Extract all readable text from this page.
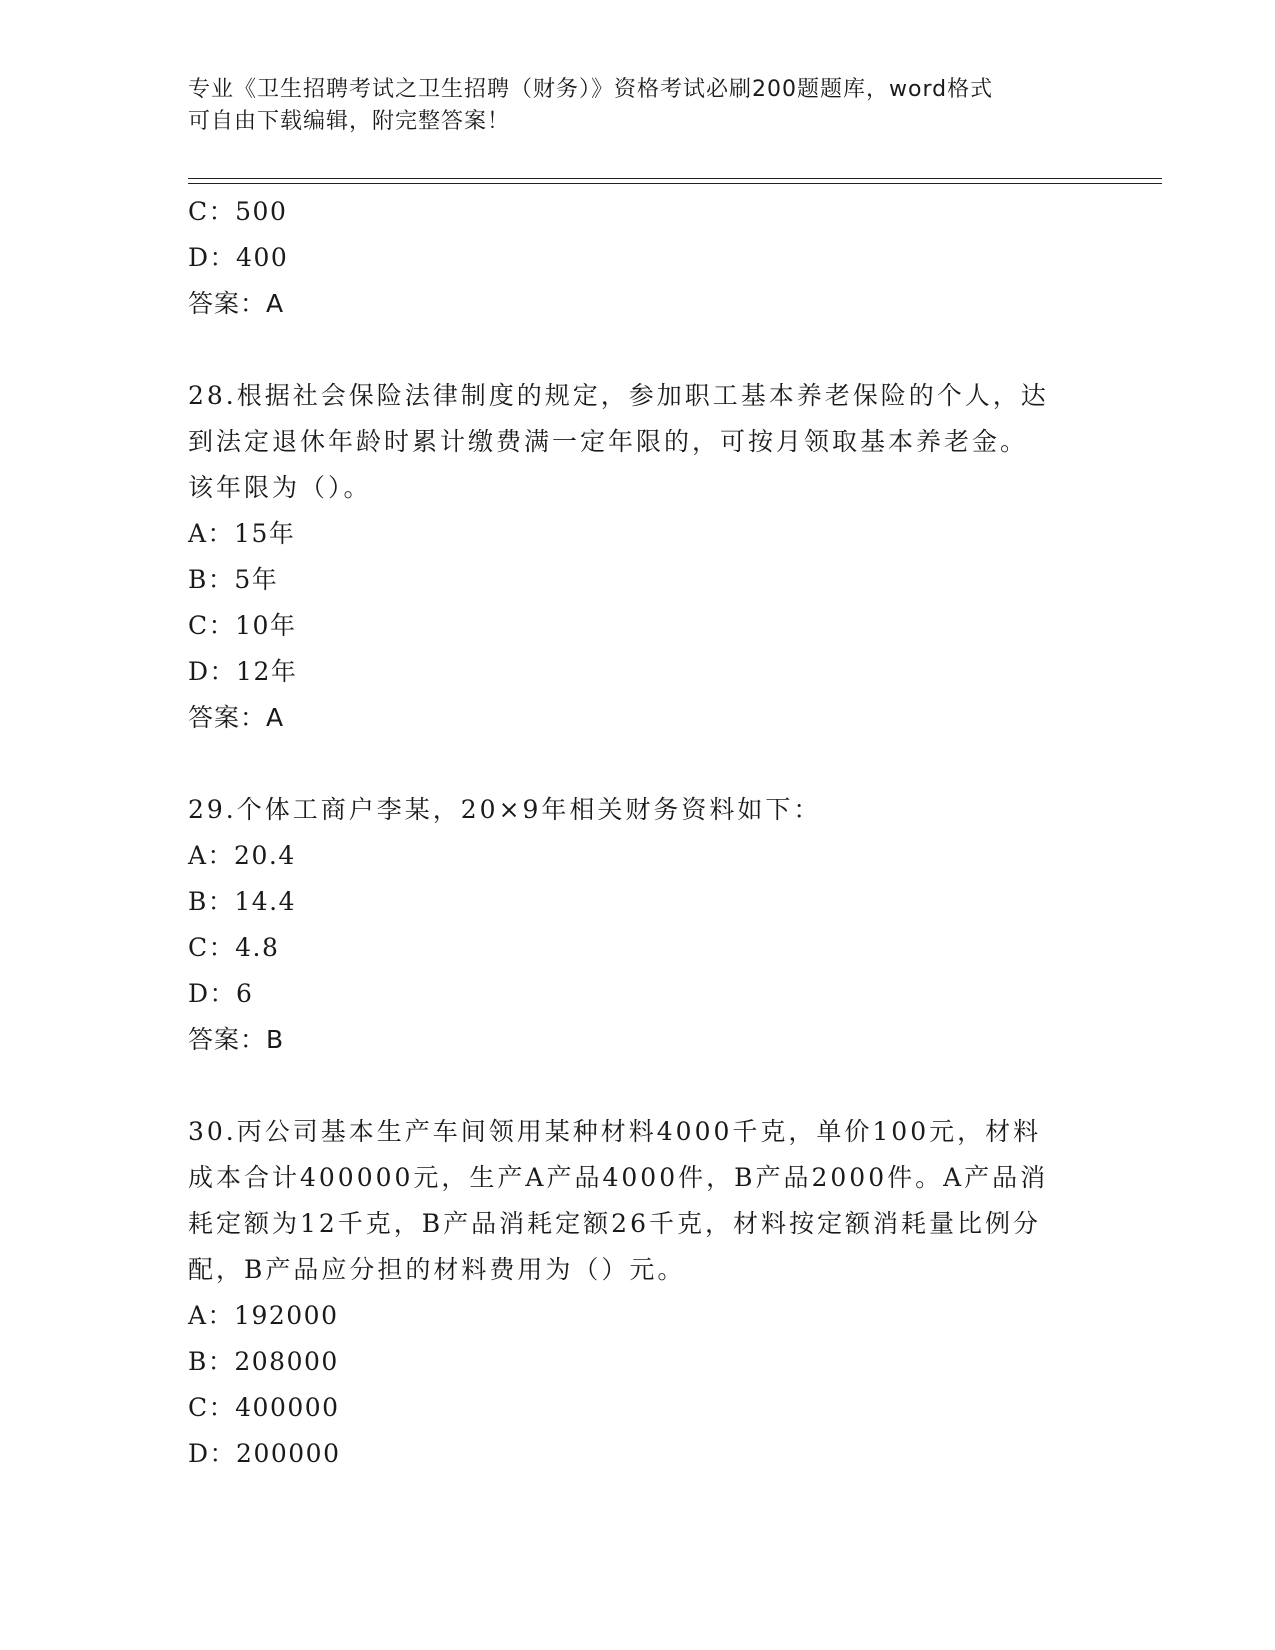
专业《卫生招聘考试之卫生招聘（财务）》资格考试必刷200题题库，word格式
可自由下载编辑，附完整答案！
C：500
D：400
答案：A
28.根据社会保险法律制度的规定，参加职工基本养老保险的个人，达
到法定退休年龄时累计缴费满一定年限的，可按月领取基本养老金。
该年限为（）。
A：15年
B：5年
C：10年
D：12年
答案：A
29.个体工商户李某，20×9年相关财务资料如下：
A：20.4
B：14.4
C：4.8
D：6
答案：B
30.丙公司基本生产车间领用某种材料4000千克，单价100元，材料
成本合计400000元，生产A产品4000件，B产品2000件。A产品消
耗定额为12千克，B产品消耗定额26千克，材料按定额消耗量比例分
配，B产品应分担的材料费用为（）元。
A：192000
B：208000
C：400000
D：200000
